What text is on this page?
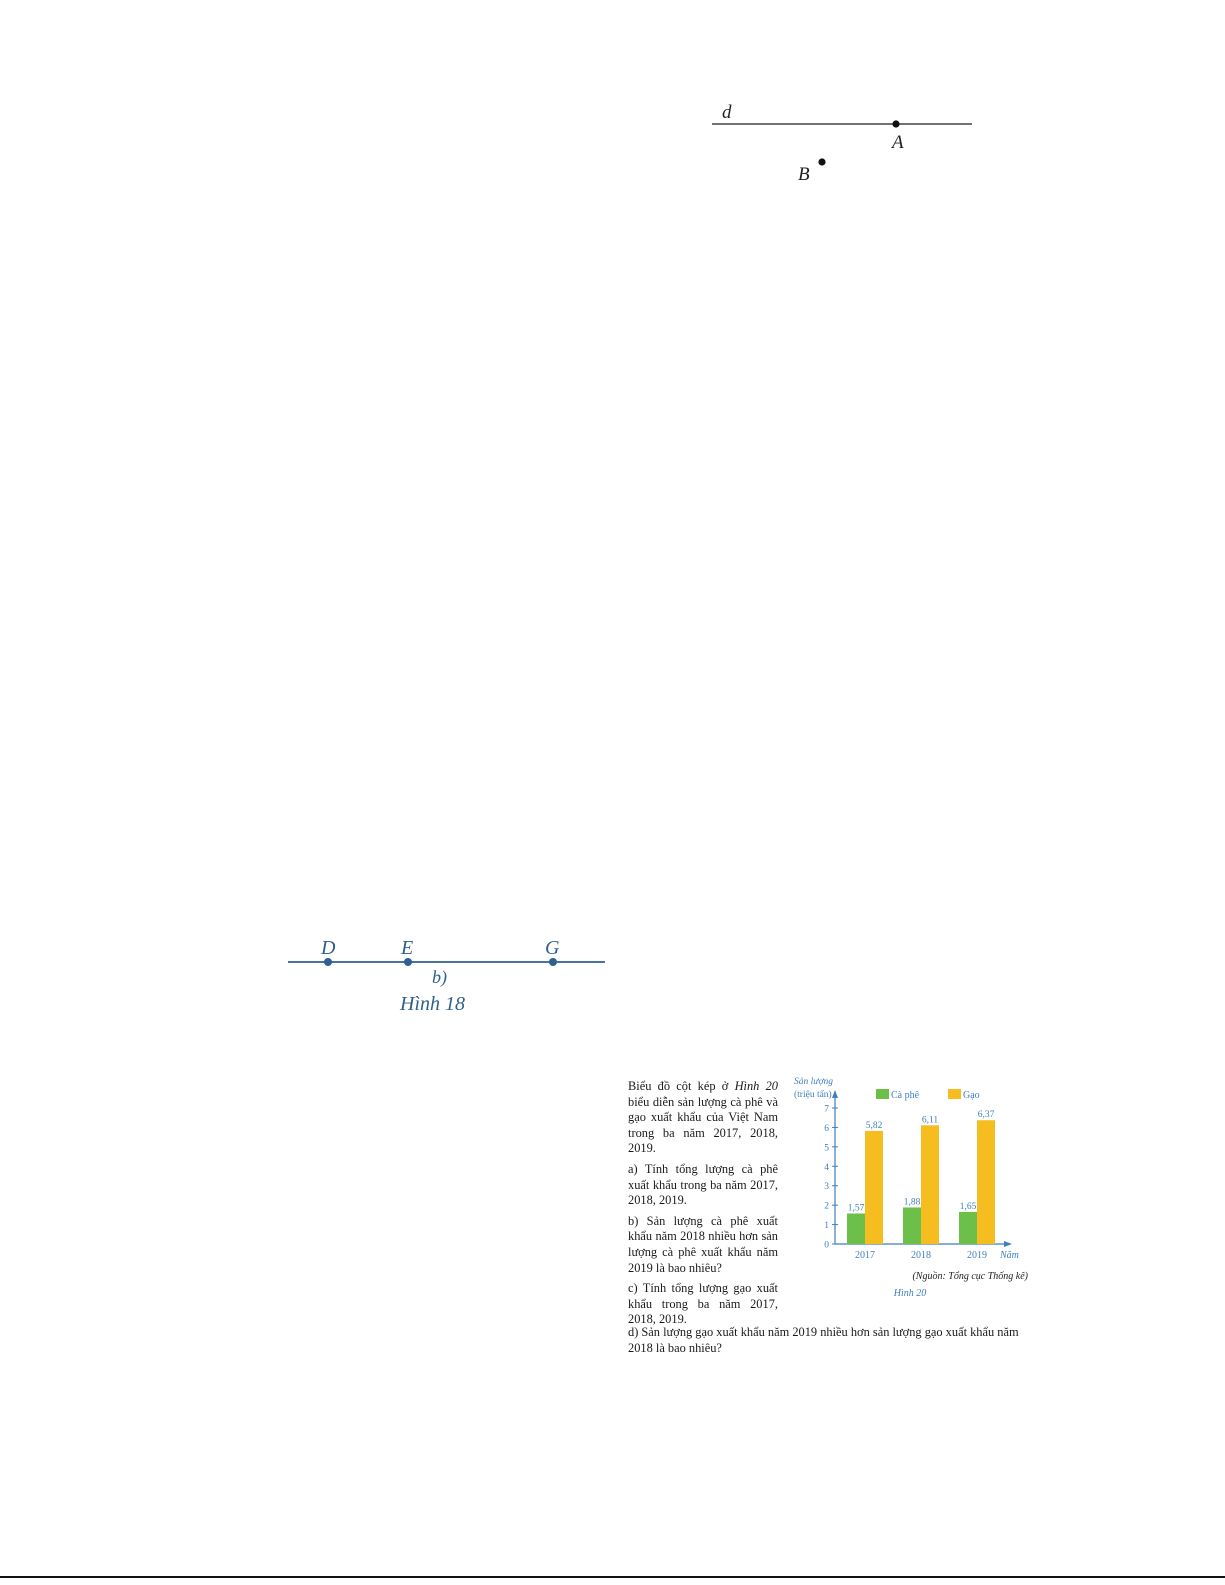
d
A
B
D	E	G
b)
Hình 18

Biểu đồ cột kép ở Hình 20 biểu diễn sản lượng cà phê và gạo xuất khẩu của Việt Nam trong ba năm 2017, 2018, 2019.

a) Tính tổng lượng cà phê xuất khẩu trong ba năm 2017, 2018, 2019.

b) Sản lượng cà phê xuất khẩu năm 2018 nhiều hơn sản lượng cà phê xuất khẩu năm 2019 là bao nhiêu?

c) Tính tổng lượng gạo xuất khẩu trong ba năm 2017, 2018, 2019.

d) Sản lượng gạo xuất khẩu năm 2019 nhiều hơn sản lượng gạo xuất khẩu năm 2018 là bao nhiêu?

Sản lượng
(triệu tấn)	Cà phê	Gạo
0
1
2
3
4
5
6
7
1,57
5,82
2017
1,88
6,11
2018
1,65
6,37
2019 Năm
(Nguồn: Tổng cục Thống kê)
Hình 20
